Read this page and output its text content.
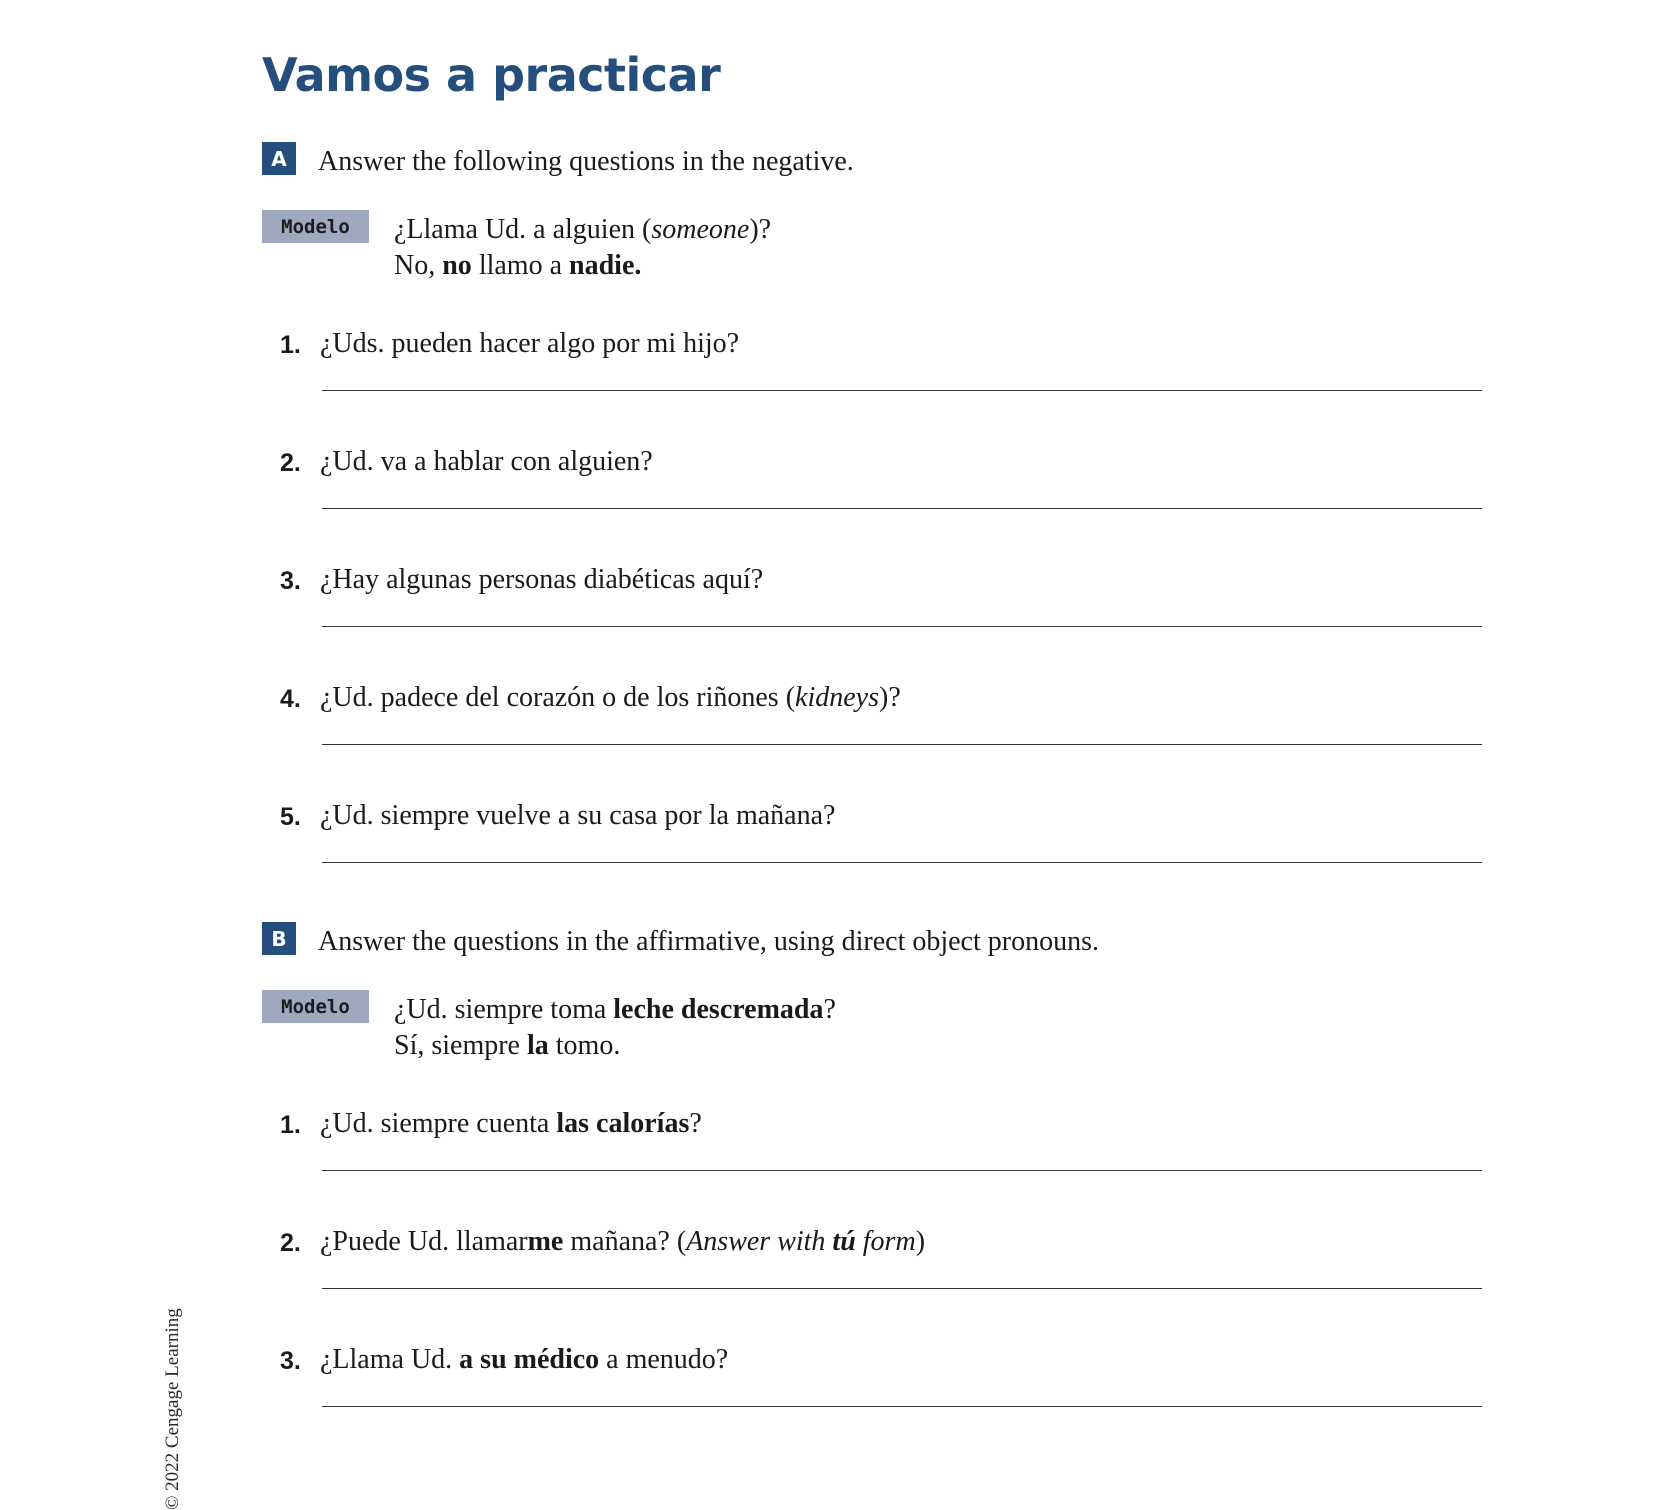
Vamos a practicar
A	Answer the following questions in the negative.
Modelo	¿Llama Ud. a alguien (someone)?
No, no llamo a nadie.
1. ¿Uds. pueden hacer algo por mi hijo?
2. ¿Ud. va a hablar con alguien?
3. ¿Hay algunas personas diabéticas aquí?
4. ¿Ud. padece del corazón o de los riñones (kidneys)?
5. ¿Ud. siempre vuelve a su casa por la mañana?
B	Answer the questions in the affirmative, using direct object pronouns.
Modelo	¿Ud. siempre toma leche descremada?
Sí, siempre la tomo.
1. ¿Ud. siempre cuenta las calorías?
2. ¿Puede Ud. llamarme mañana? (Answer with tú form)
3. ¿Llama Ud. a su médico a menudo?
© 2022 Cengage Learning
